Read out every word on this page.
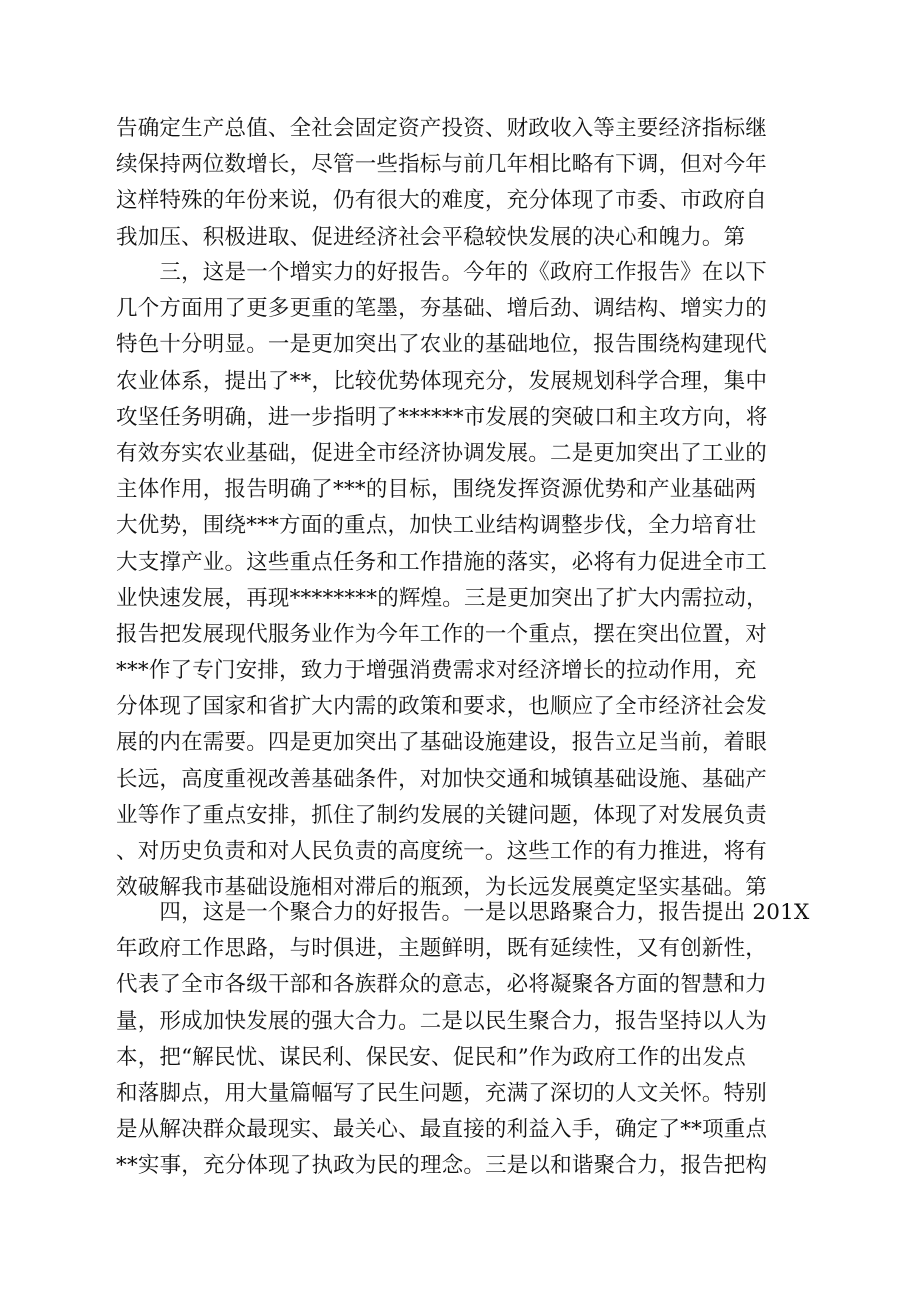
告确定生产总值、全社会固定资产投资、财政收入等主要经济指标继
续保持两位数增长，尽管一些指标与前几年相比略有下调，但对今年
这样特殊的年份来说，仍有很大的难度，充分体现了市委、市政府自
我加压、积极进取、促进经济社会平稳较快发展的决心和魄力。第
　　三，这是一个增实力的好报告。今年的《政府工作报告》在以下
几个方面用了更多更重的笔墨，夯基础、增后劲、调结构、增实力的
特色十分明显。一是更加突出了农业的基础地位，报告围绕构建现代
农业体系，提出了**，比较优势体现充分，发展规划科学合理，集中
攻坚任务明确，进一步指明了******市发展的突破口和主攻方向，将
有效夯实农业基础，促进全市经济协调发展。二是更加突出了工业的
主体作用，报告明确了***的目标，围绕发挥资源优势和产业基础两
大优势，围绕***方面的重点，加快工业结构调整步伐，全力培育壮
大支撑产业。这些重点任务和工作措施的落实，必将有力促进全市工
业快速发展，再现********的辉煌。三是更加突出了扩大内需拉动，
报告把发展现代服务业作为今年工作的一个重点，摆在突出位置，对
***作了专门安排，致力于增强消费需求对经济增长的拉动作用，充
分体现了国家和省扩大内需的政策和要求，也顺应了全市经济社会发
展的内在需要。四是更加突出了基础设施建设，报告立足当前，着眼
长远，高度重视改善基础条件，对加快交通和城镇基础设施、基础产
业等作了重点安排，抓住了制约发展的关键问题，体现了对发展负责
、对历史负责和对人民负责的高度统一。这些工作的有力推进，将有
效破解我市基础设施相对滞后的瓶颈，为长远发展奠定坚实基础。第
　　四，这是一个聚合力的好报告。一是以思路聚合力，报告提出 201X
年政府工作思路，与时俱进，主题鲜明，既有延续性，又有创新性，
代表了全市各级干部和各族群众的意志，必将凝聚各方面的智慧和力
量，形成加快发展的强大合力。二是以民生聚合力，报告坚持以人为
本，把“解民忧、谋民利、保民安、促民和”作为政府工作的出发点
和落脚点，用大量篇幅写了民生问题，充满了深切的人文关怀。特别
是从解决群众最现实、最关心、最直接的利益入手，确定了**项重点
**实事，充分体现了执政为民的理念。三是以和谐聚合力，报告把构
